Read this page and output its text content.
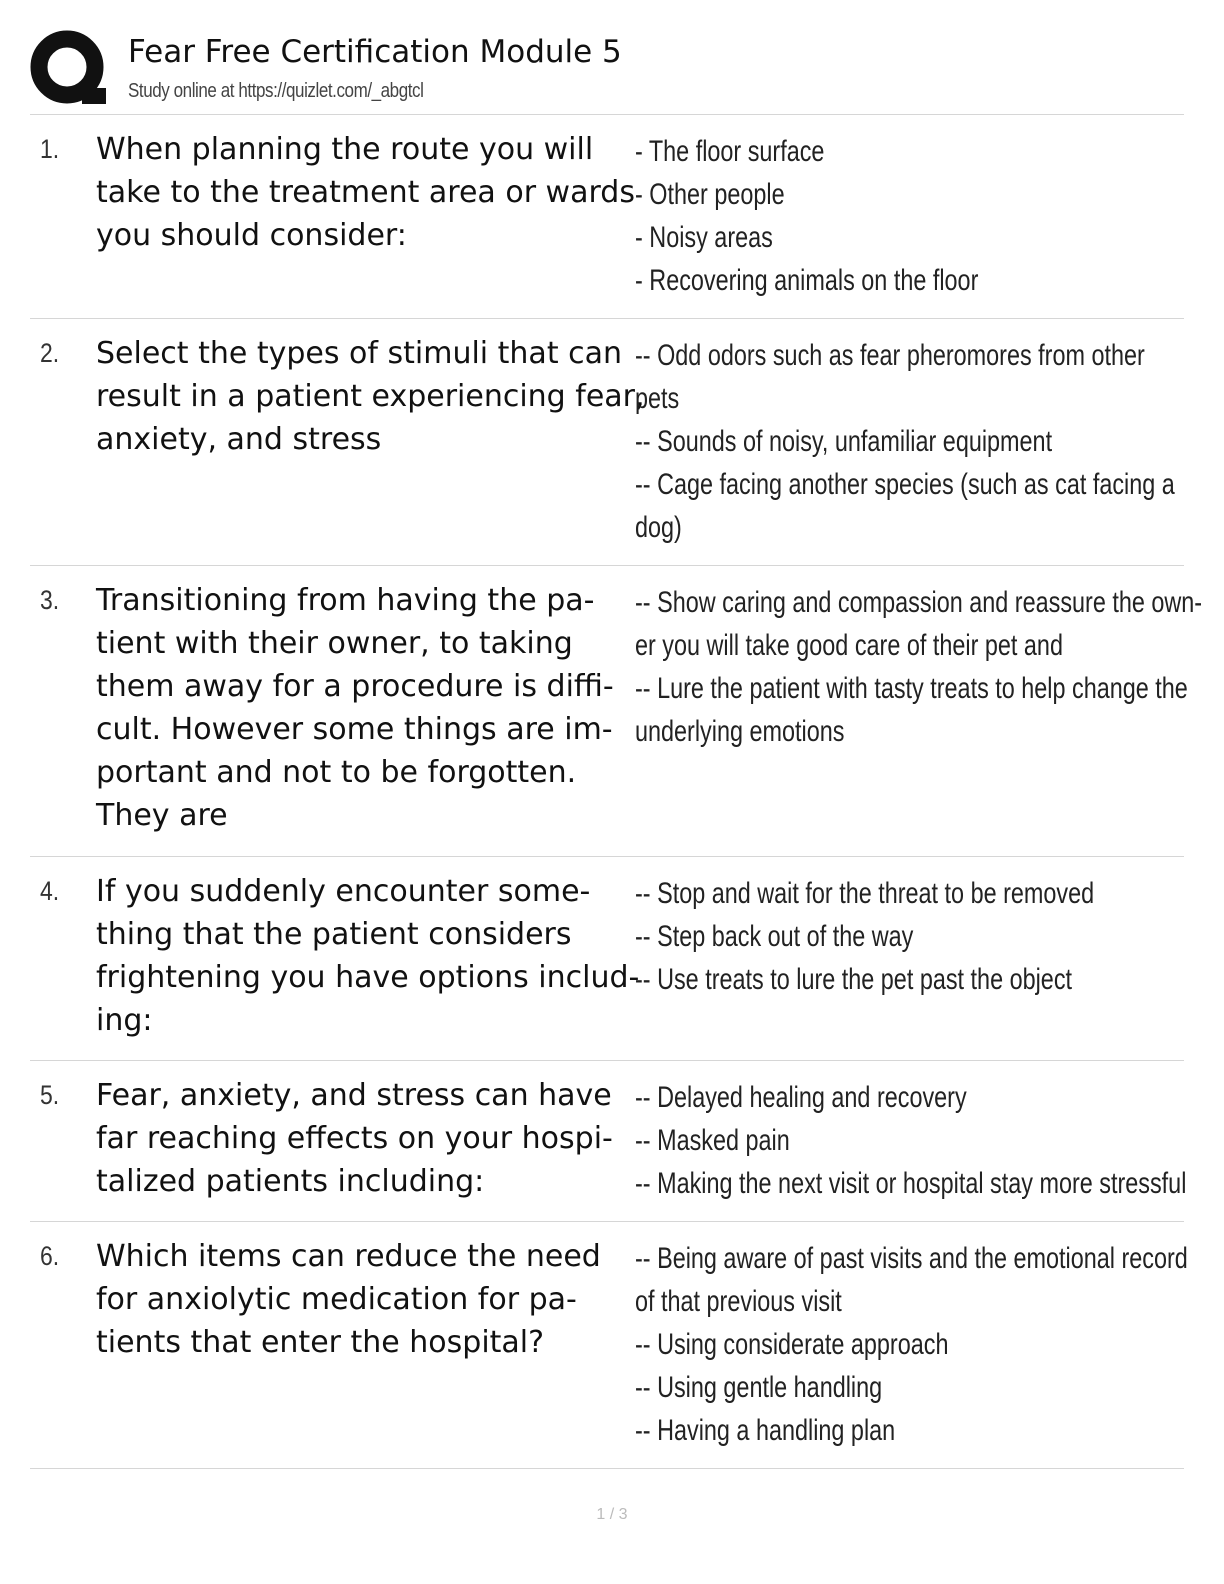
Fear Free Certification Module 5
Study online at https://quizlet.com/_abgtcl
1. When planning the route you will
take to the treatment area or wards
you should consider:
- The floor surface
- Other people
- Noisy areas
- Recovering animals on the floor
2. Select the types of stimuli that can
result in a patient experiencing fear,
anxiety, and stress
-- Odd odors such as fear pheromores from other
pets
-- Sounds of noisy, unfamiliar equipment
-- Cage facing another species (such as cat facing a
dog)
3. Transitioning from having the pa-
tient with their owner, to taking
them away for a procedure is diffi-
cult. However some things are im-
portant and not to be forgotten.
They are
-- Show caring and compassion and reassure the own-
er you will take good care of their pet and
-- Lure the patient with tasty treats to help change the
underlying emotions
4. If you suddenly encounter some-
thing that the patient considers
frightening you have options includ-
ing:
-- Stop and wait for the threat to be removed
-- Step back out of the way
-- Use treats to lure the pet past the object
5. Fear, anxiety, and stress can have
far reaching effects on your hospi-
talized patients including:
-- Delayed healing and recovery
-- Masked pain
-- Making the next visit or hospital stay more stressful
6. Which items can reduce the need
for anxiolytic medication for pa-
tients that enter the hospital?
-- Being aware of past visits and the emotional record
of that previous visit
-- Using considerate approach
-- Using gentle handling
-- Having a handling plan
1 / 3
